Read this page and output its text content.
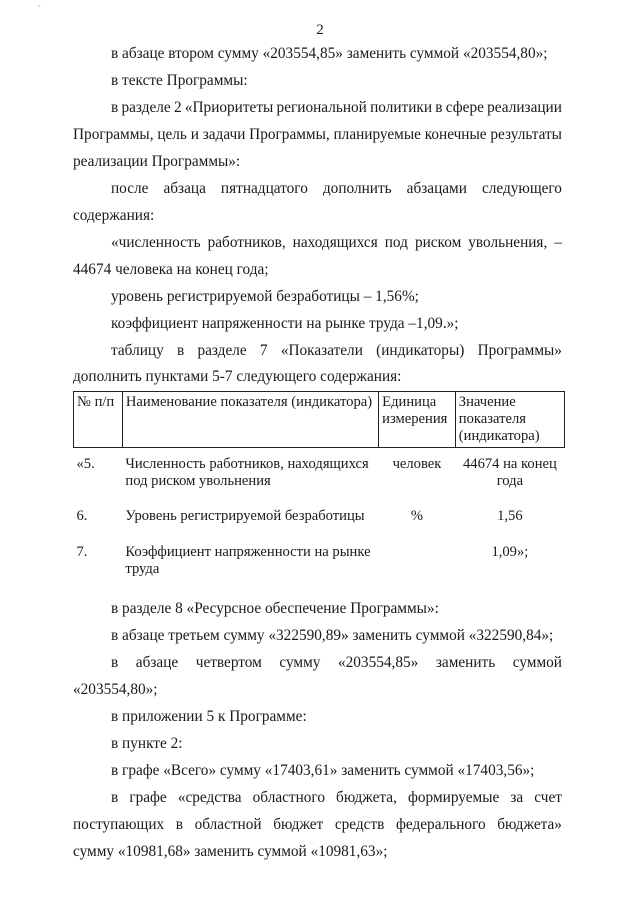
ˇ
2
в абзаце втором сумму «203554,85» заменить суммой «203554,80»;
в тексте Программы:
в разделе 2 «Приоритеты региональной политики в сфере реализации
Программы, цель и задачи Программы, планируемые конечные результаты
реализации Программы»:
после абзаца пятнадцатого дополнить абзацами следующего
содержания:
«численность работников, находящихся под риском увольнения, –
44674 человека на конец года;
уровень регистрируемой безработицы – 1,56%;
коэффициент напряженности на рынке труда –1,09.»;
таблицу в разделе 7 «Показатели (индикаторы) Программы»
дополнить пунктами 5-7 следующего содержания:
№ п/п	Наименование показателя (индикатора)	Единица измерения	Значение показателя (индикатора)
«5.	Численность работников, находящихся под риском увольнения	человек	44674 на конец года
6.	Уровень регистрируемой безработицы	%	1,56
7.	Коэффициент напряженности на рынке труда		1,09»;
в разделе 8 «Ресурсное обеспечение Программы»:
в абзаце третьем сумму «322590,89» заменить суммой «322590,84»;
в абзаце четвертом сумму «203554,85» заменить суммой
«203554,80»;
в приложении 5 к Программе:
в пункте 2:
в графе «Всего» сумму «17403,61» заменить суммой «17403,56»;
в графе «средства областного бюджета, формируемые за счет
поступающих в областной бюджет средств федерального бюджета»
сумму «10981,68» заменить суммой «10981,63»;
